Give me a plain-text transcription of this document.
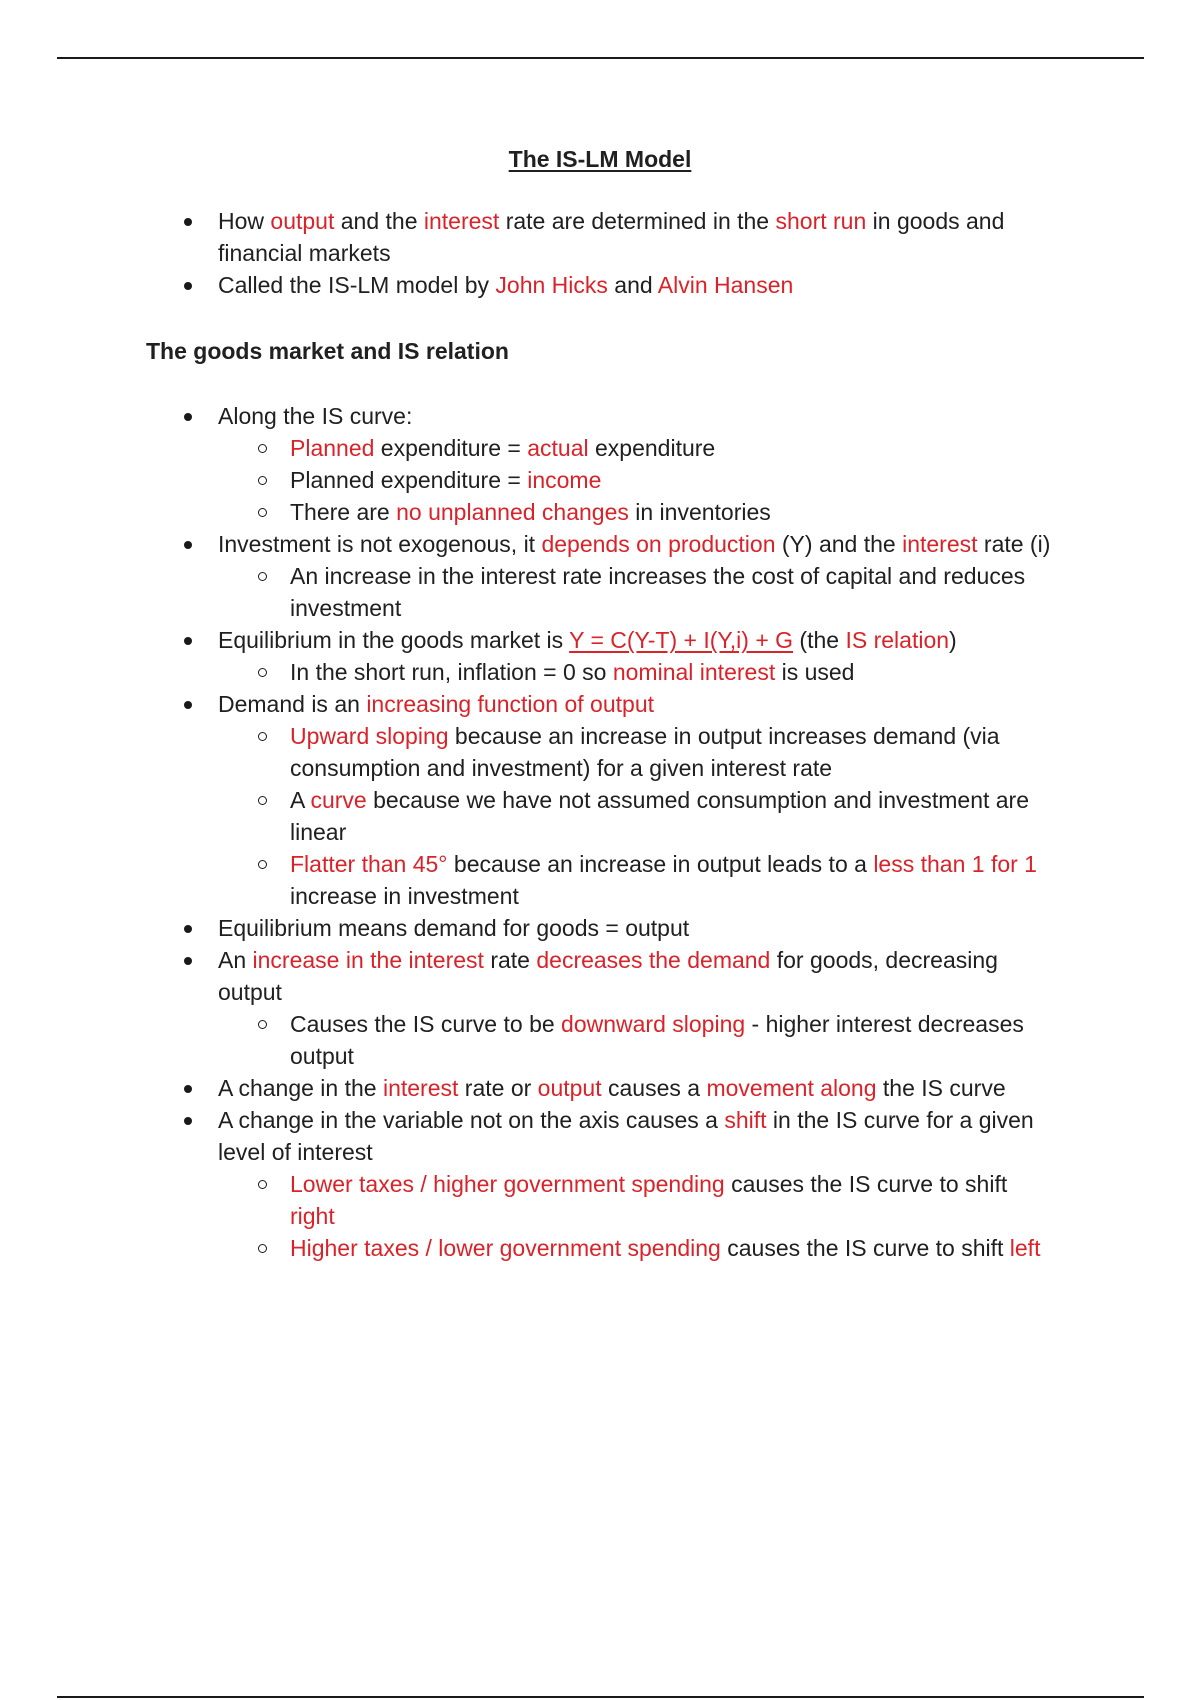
The IS-LM Model
How output and the interest rate are determined in the short run in goods and financial markets
Called the IS-LM model by John Hicks and Alvin Hansen
The goods market and IS relation
Along the IS curve:
Planned expenditure = actual expenditure
Planned expenditure = income
There are no unplanned changes in inventories
Investment is not exogenous, it depends on production (Y) and the interest rate (i)
An increase in the interest rate increases the cost of capital and reduces investment
Equilibrium in the goods market is Y = C(Y-T) + I(Y,i) + G (the IS relation)
In the short run, inflation = 0 so nominal interest is used
Demand is an increasing function of output
Upward sloping because an increase in output increases demand (via consumption and investment) for a given interest rate
A curve because we have not assumed consumption and investment are linear
Flatter than 45° because an increase in output leads to a less than 1 for 1 increase in investment
Equilibrium means demand for goods = output
An increase in the interest rate decreases the demand for goods, decreasing output
Causes the IS curve to be downward sloping - higher interest decreases output
A change in the interest rate or output causes a movement along the IS curve
A change in the variable not on the axis causes a shift in the IS curve for a given level of interest
Lower taxes / higher government spending causes the IS curve to shift right
Higher taxes / lower government spending causes the IS curve to shift left
